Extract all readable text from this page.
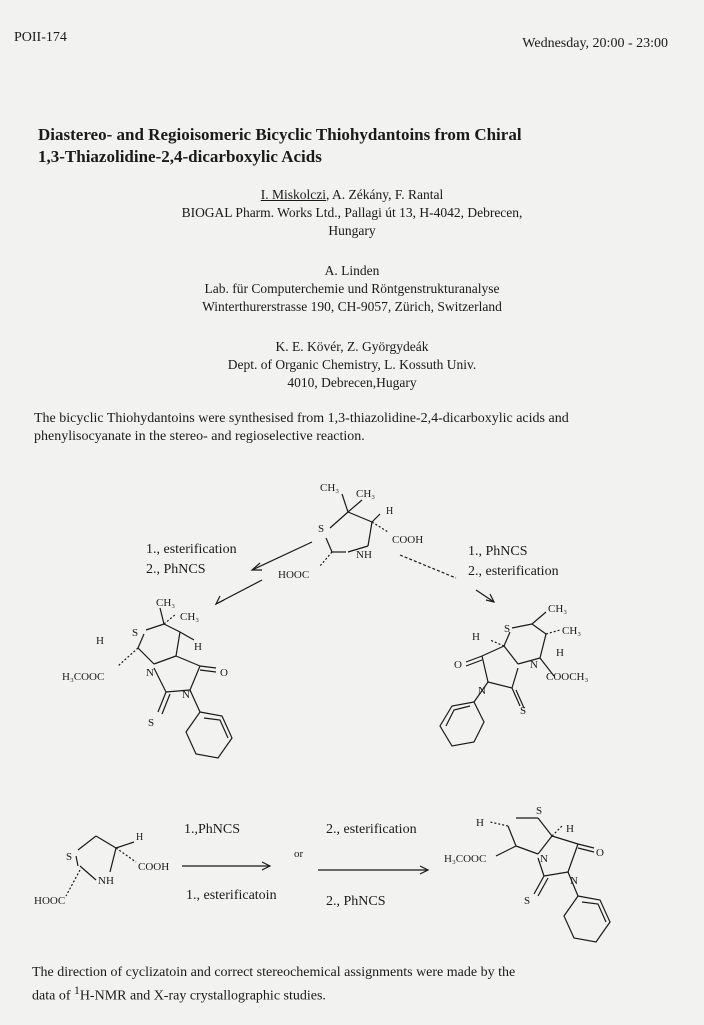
POII-174	Wednesday, 20:00 - 23:00
Diastereo- and Regioisomeric Bicyclic Thiohydantoins from Chiral
1,3-Thiazolidine-2,4-dicarboxylic Acids
I. Miskolczi, A. Zékány, F. Rantal
BIOGAL Pharm. Works Ltd., Pallagi út 13, H-4042, Debrecen,
Hungary
A. Linden
Lab. für Computerchemie und Röntgenstrukturanalyse
Winterthurerstrasse 190, CH-9057, Zürich, Switzerland
K. E. Kövér, Z. Györgydeák
Dept. of Organic Chemistry, L. Kossuth Univ.
4010, Debrecen,Hugary
The bicyclic Thiohydantoins were synthesised from 1,3-thiazolidine-2,4-dicarboxylic acids and phenylisocyanate in the stereo- and regioselective reaction.
CH₃ CH₃
H
S
COOH
NH
HOOC
CH₃
CH₃
S
H	H
N	O
H₃COOC
N
S
CH₃
CH₃
S
H
H
N
O
COOCH₃
N
S
H
S
COOH
NH
HOOC
S
H	H
N	O
H₃COOC
N
S
1., esterification
2., PhNCS
1., PhNCS
2., esterification
1.,PhNCS
or
2., esterification
1., esterificatoin	2., PhNCS
The direction of cyclizatoin and correct stereochemical assignments were made by the
data of $^1$H-NMR and X-ray crystallographic studies.
